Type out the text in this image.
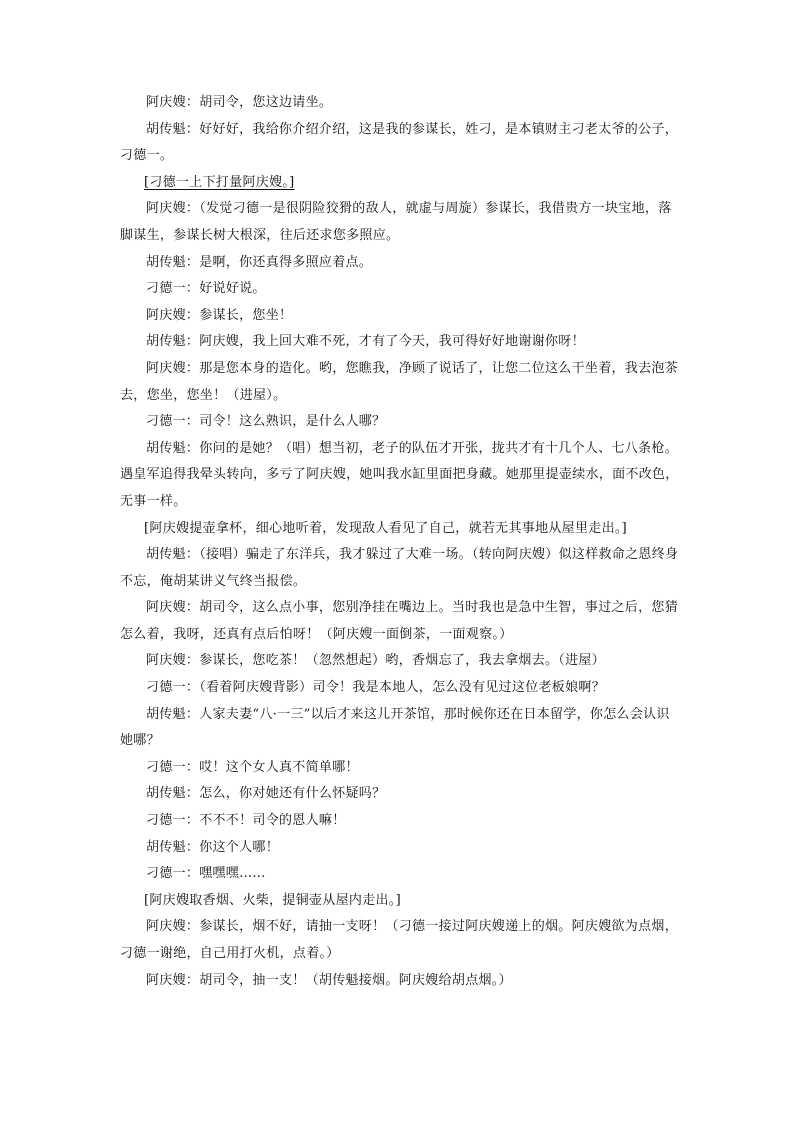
阿庆嫂：胡司令，您这边请坐。

胡传魁：好好好，我给你介绍介绍，这是我的参谋长，姓刁，是本镇财主刁老太爷的公子，刁德一。

[刁德一上下打量阿庆嫂。]

阿庆嫂：（发觉刁德一是很阴险狡猾的敌人，就虚与周旋）参谋长，我借贵方一块宝地，落脚谋生，参谋长树大根深，往后还求您多照应。

胡传魁：是啊，你还真得多照应着点。

刁德一：好说好说。

阿庆嫂：参谋长，您坐！

胡传魁：阿庆嫂，我上回大难不死，才有了今天，我可得好好地谢谢你呀！

阿庆嫂：那是您本身的造化。哟，您瞧我，净顾了说话了，让您二位这么干坐着，我去泡茶去，您坐，您坐！（进屋）。

刁德一：司令！这么熟识，是什么人哪？

胡传魁：你问的是她？（唱）想当初，老子的队伍才开张，拢共才有十几个人、七八条枪。遇皇军追得我晕头转向，多亏了阿庆嫂，她叫我水缸里面把身藏。她那里提壶续水，面不改色，无事一样。

[阿庆嫂提壶拿杯，细心地听着，发现敌人看见了自己，就若无其事地从屋里走出。]

胡传魁：（接唱）骗走了东洋兵，我才躲过了大难一场。（转向阿庆嫂）似这样救命之恩终身不忘，俺胡某讲义气终当报偿。

阿庆嫂：胡司令，这么点小事，您别净挂在嘴边上。当时我也是急中生智，事过之后，您猜怎么着，我呀，还真有点后怕呀！（阿庆嫂一面倒茶，一面观察。）

阿庆嫂：参谋长，您吃茶！（忽然想起）哟，香烟忘了，我去拿烟去。（进屋）

刁德一：（看着阿庆嫂背影）司令！我是本地人，怎么没有见过这位老板娘啊？

胡传魁：人家夫妻“八·一三”以后才来这儿开茶馆，那时候你还在日本留学，你怎么会认识她哪？

刁德一：哎！这个女人真不简单哪！

胡传魁：怎么，你对她还有什么怀疑吗？

刁德一：不不不！司令的恩人嘛！

胡传魁：你这个人哪！

刁德一：嘿嘿嘿……

[阿庆嫂取香烟、火柴，提铜壶从屋内走出。]

阿庆嫂：参谋长，烟不好，请抽一支呀！（刁德一接过阿庆嫂递上的烟。阿庆嫂欲为点烟，刁德一谢绝，自己用打火机，点着。）

阿庆嫂：胡司令，抽一支！（胡传魁接烟。阿庆嫂给胡点烟。）
